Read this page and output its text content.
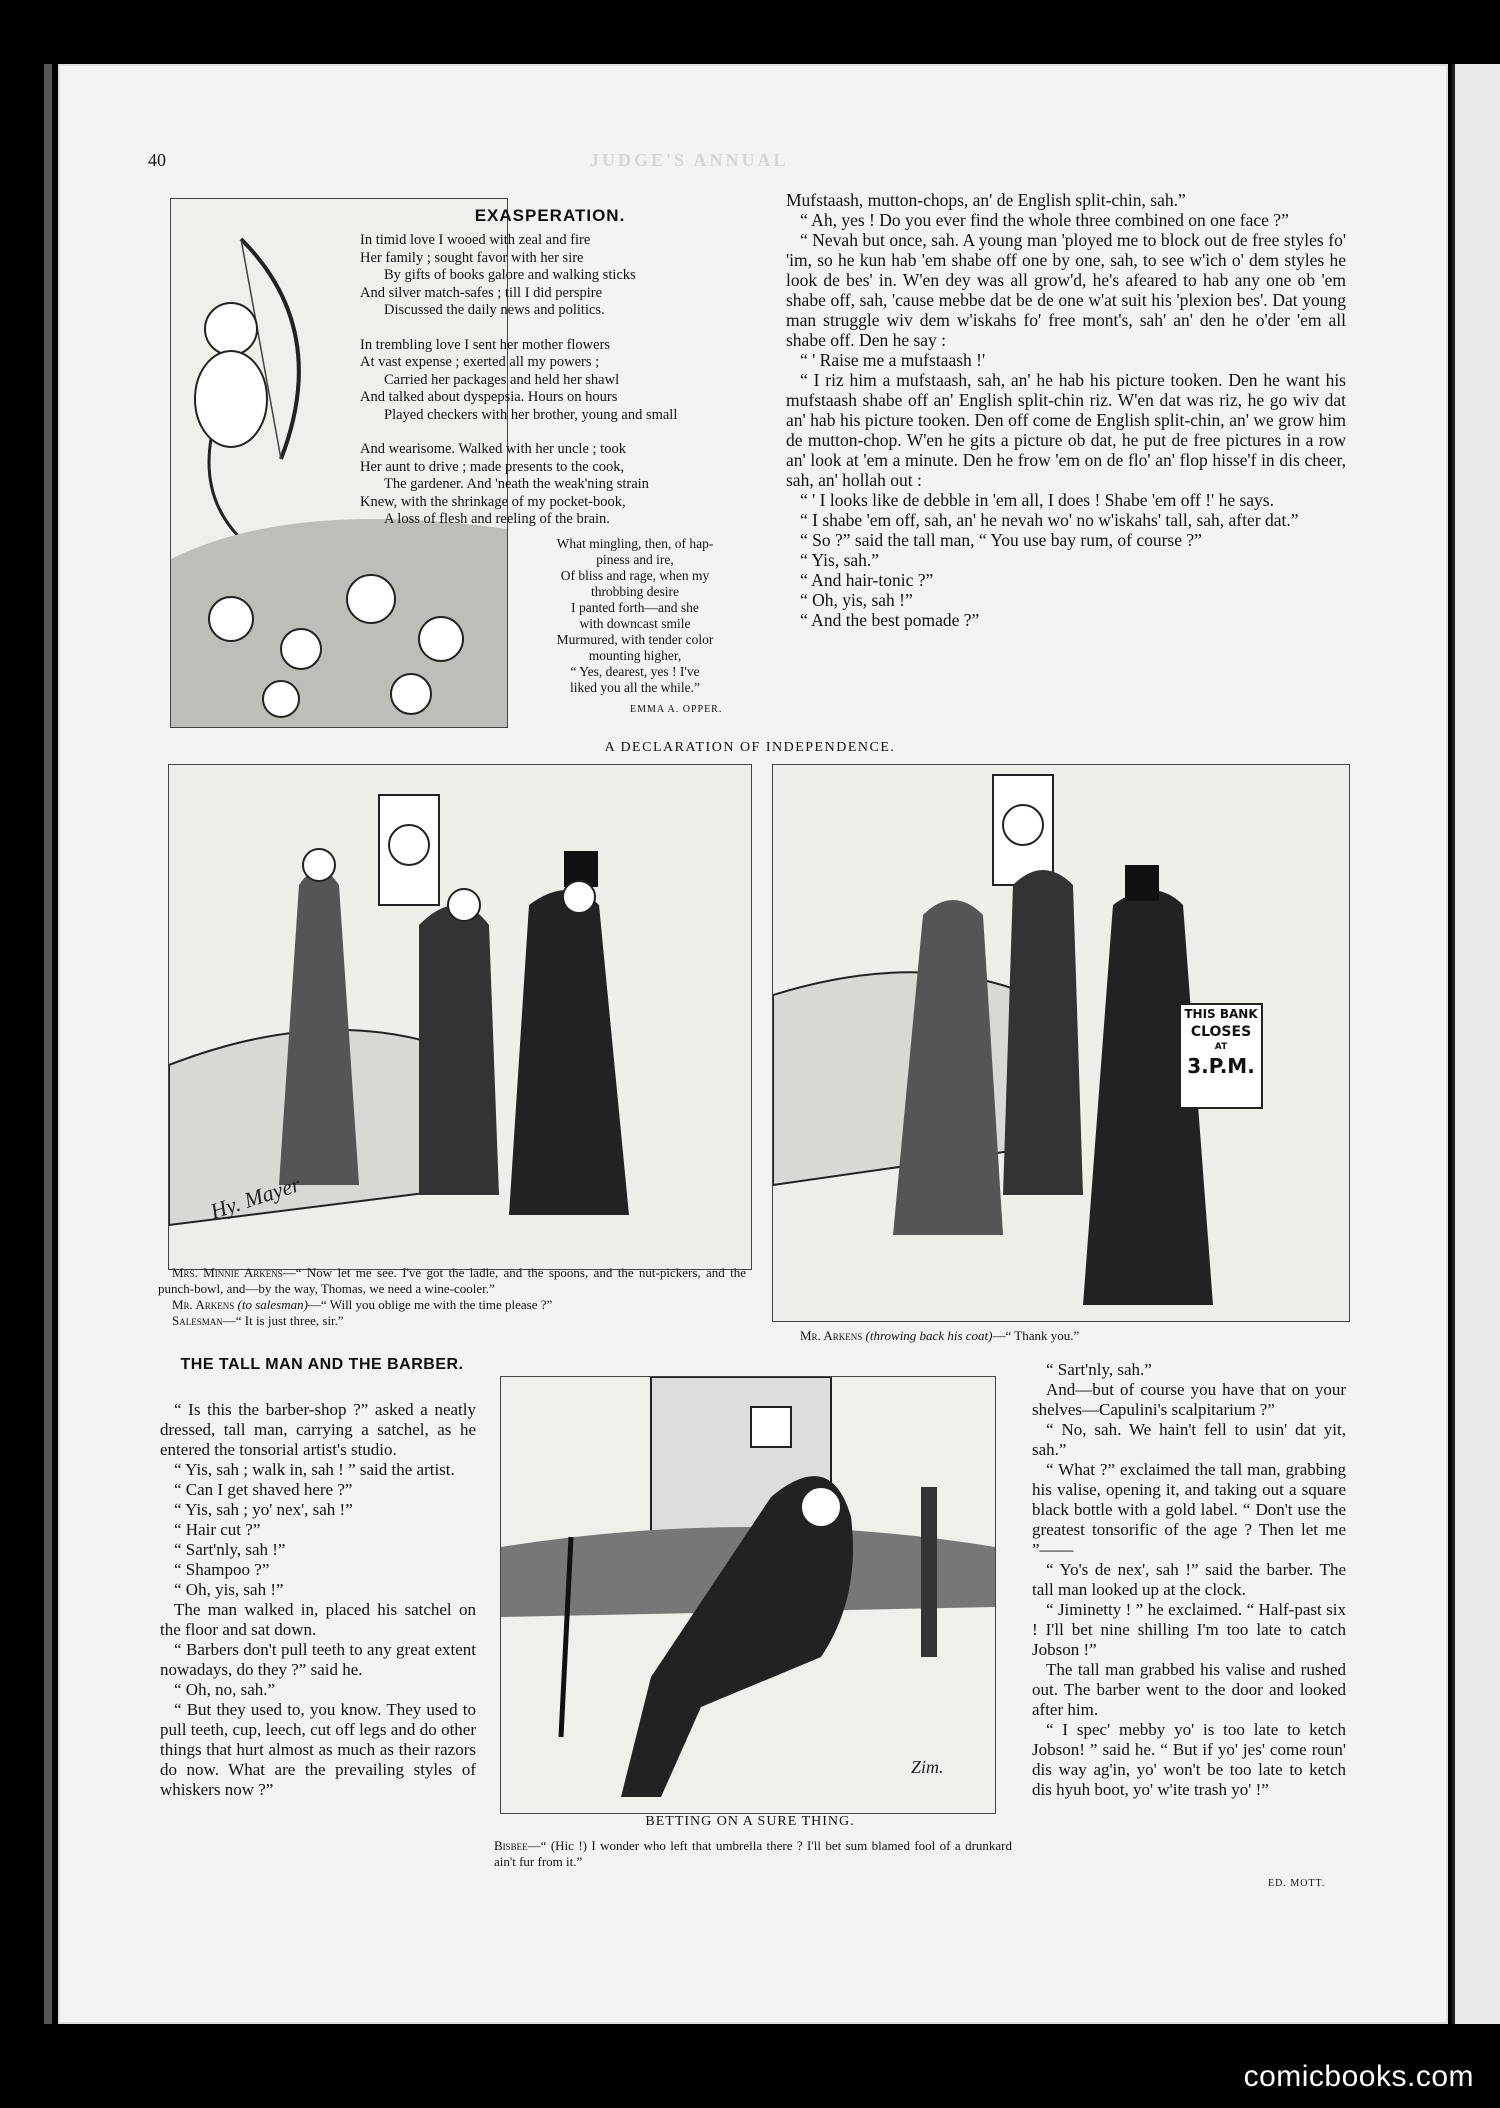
40	JUDGE'S ANNUAL
EXASPERATION.
In timid love I wooed with zeal and fire
Her family ; sought favor with her sire
By gifts of books galore and walking sticks
And silver match-safes ; till I did perspire
Discussed the daily news and politics.
In trembling love I sent her mother flowers
At vast expense ; exerted all my powers ;
Carried her packages and held her shawl
And talked about dyspepsia. Hours on hours
Played checkers with her brother, young and small
And wearisome. Walked with her uncle ; took
Her aunt to drive ; made presents to the cook,
The gardener. And 'neath the weak'ning strain
Knew, with the shrinkage of my pocket-book,
A loss of flesh and reeling of the brain.
What mingling, then, of hap-
piness and ire,
Of bliss and rage, when my
throbbing desire
I panted forth—and she
with downcast smile
Murmured, with tender color
mounting higher,
“ Yes, dearest, yes ! I've
liked you all the while.”
EMMA A. OPPER.

Mufstaash, mutton-chops, an' de English split-chin, sah.”

“ Ah, yes ! Do you ever find the whole three combined on one face ?”

“ Nevah but once, sah. A young man 'ployed me to block out de free styles fo' 'im, so he kun hab 'em shabe off one by one, sah, to see w'ich o' dem styles he look de bes' in. W'en dey was all grow'd, he's afeared to hab any one ob 'em shabe off, sah, 'cause mebbe dat be de one w'at suit his 'plexion bes'. Dat young man struggle wiv dem w'iskahs fo' free mont's, sah' an' den he o'der 'em all shabe off. Den he say :

“ ' Raise me a mufstaash !'

“ I riz him a mufstaash, sah, an' he hab his picture tooken. Den he want his mufstaash shabe off an' English split-chin riz. W'en dat was riz, he go wiv dat an' hab his picture tooken. Den off come de English split-chin, an' we grow him de mutton-chop. W'en he gits a picture ob dat, he put de free pictures in a row an' look at 'em a minute. Den he frow 'em on de flo' an' flop hisse'f in dis cheer, sah, an' hollah out :

“ ' I looks like de debble in 'em all, I does ! Shabe 'em off !' he says.

“ I shabe 'em off, sah, an' he nevah wo' no w'iskahs' tall, sah, after dat.”

“ So ?” said the tall man, “ You use bay rum, of course ?”

“ Yis, sah.”

“ And hair-tonic ?”

“ Oh, yis, sah !”

“ And the best pomade ?”

A DECLARATION OF INDEPENDENCE.
Hy. Mayer
THIS BANK
CLOSES
AT
3.P.M.
Mrs. Minnie Arkens—“ Now let me see. I've got the ladle, and the spoons, and the nut-pickers, and the punch-bowl, and—by the way, Thomas, we need a wine-cooler.”
Mr. Arkens (to salesman)—“ Will you oblige me with the time please ?”
Salesman—“ It is just three, sir.”
Mr. Arkens (throwing back his coat)—“ Thank you.”
THE TALL MAN AND THE BARBER.

“ Is this the barber-shop ?” asked a neatly dressed, tall man, carrying a satchel, as he entered the tonsorial artist's studio.

“ Yis, sah ; walk in, sah ! ” said the artist.

“ Can I get shaved here ?”

“ Yis, sah ; yo' nex', sah !”

“ Hair cut ?”

“ Sart'nly, sah !”

“ Shampoo ?”

“ Oh, yis, sah !”

The man walked in, placed his satchel on the floor and sat down.

“ Barbers don't pull teeth to any great extent nowadays, do they ?” said he.

“ Oh, no, sah.”

“ But they used to, you know. They used to pull teeth, cup, leech, cut off legs and do other things that hurt almost as much as their razors do now. What are the prevailing styles of whiskers now ?”

Zim.
BETTING ON A SURE THING.
Bisbee—“ (Hic !) I wonder who left that umbrella there ? I'll bet sum blamed fool of a drunkard ain't fur from it.”

“ Sart'nly, sah.”

And—but of course you have that on your shelves—Capulini's scalpitarium ?”

“ No, sah. We hain't fell to usin' dat yit, sah.”

“ What ?” exclaimed the tall man, grabbing his valise, opening it, and taking out a square black bottle with a gold label. “ Don't use the greatest tonsorific of the age ? Then let me ”——

“ Yo's de nex', sah !” said the barber. The tall man looked up at the clock.

“ Jiminetty ! ” he exclaimed. “ Half-past six ! I'll bet nine shilling I'm too late to catch Jobson !”

The tall man grabbed his valise and rushed out. The barber went to the door and looked after him.

“ I spec' mebby yo' is too late to ketch Jobson! ” said he. “ But if yo' jes' come roun' dis way ag'in, yo' won't be too late to ketch dis hyuh boot, yo' w'ite trash yo' !”

ED. MOTT.
comicbooks.com
